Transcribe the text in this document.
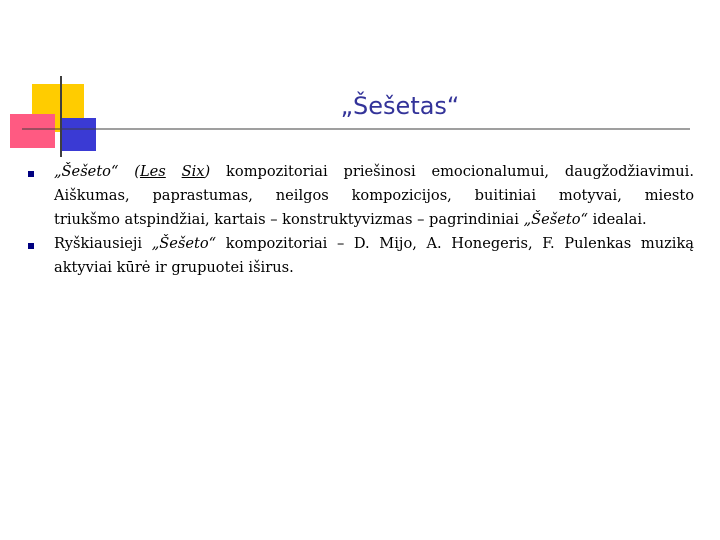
„Šešetas“
„Šešeto“ (Les Six) kompozitoriai priešinosi emocionalumui, daugžodžiavimui.
Aiškumas, paprastumas, neilgos kompozicijos, buitiniai motyvai, miesto
triukšmo atspindžiai, kartais – konstruktyvizmas – pagrindiniai „Šešeto“ idealai.
Ryškiausieji „Šešeto“ kompozitoriai – D. Mijo, A. Honegeris, F. Pulenkas muziką
aktyviai kūrė ir grupuotei iširus.
